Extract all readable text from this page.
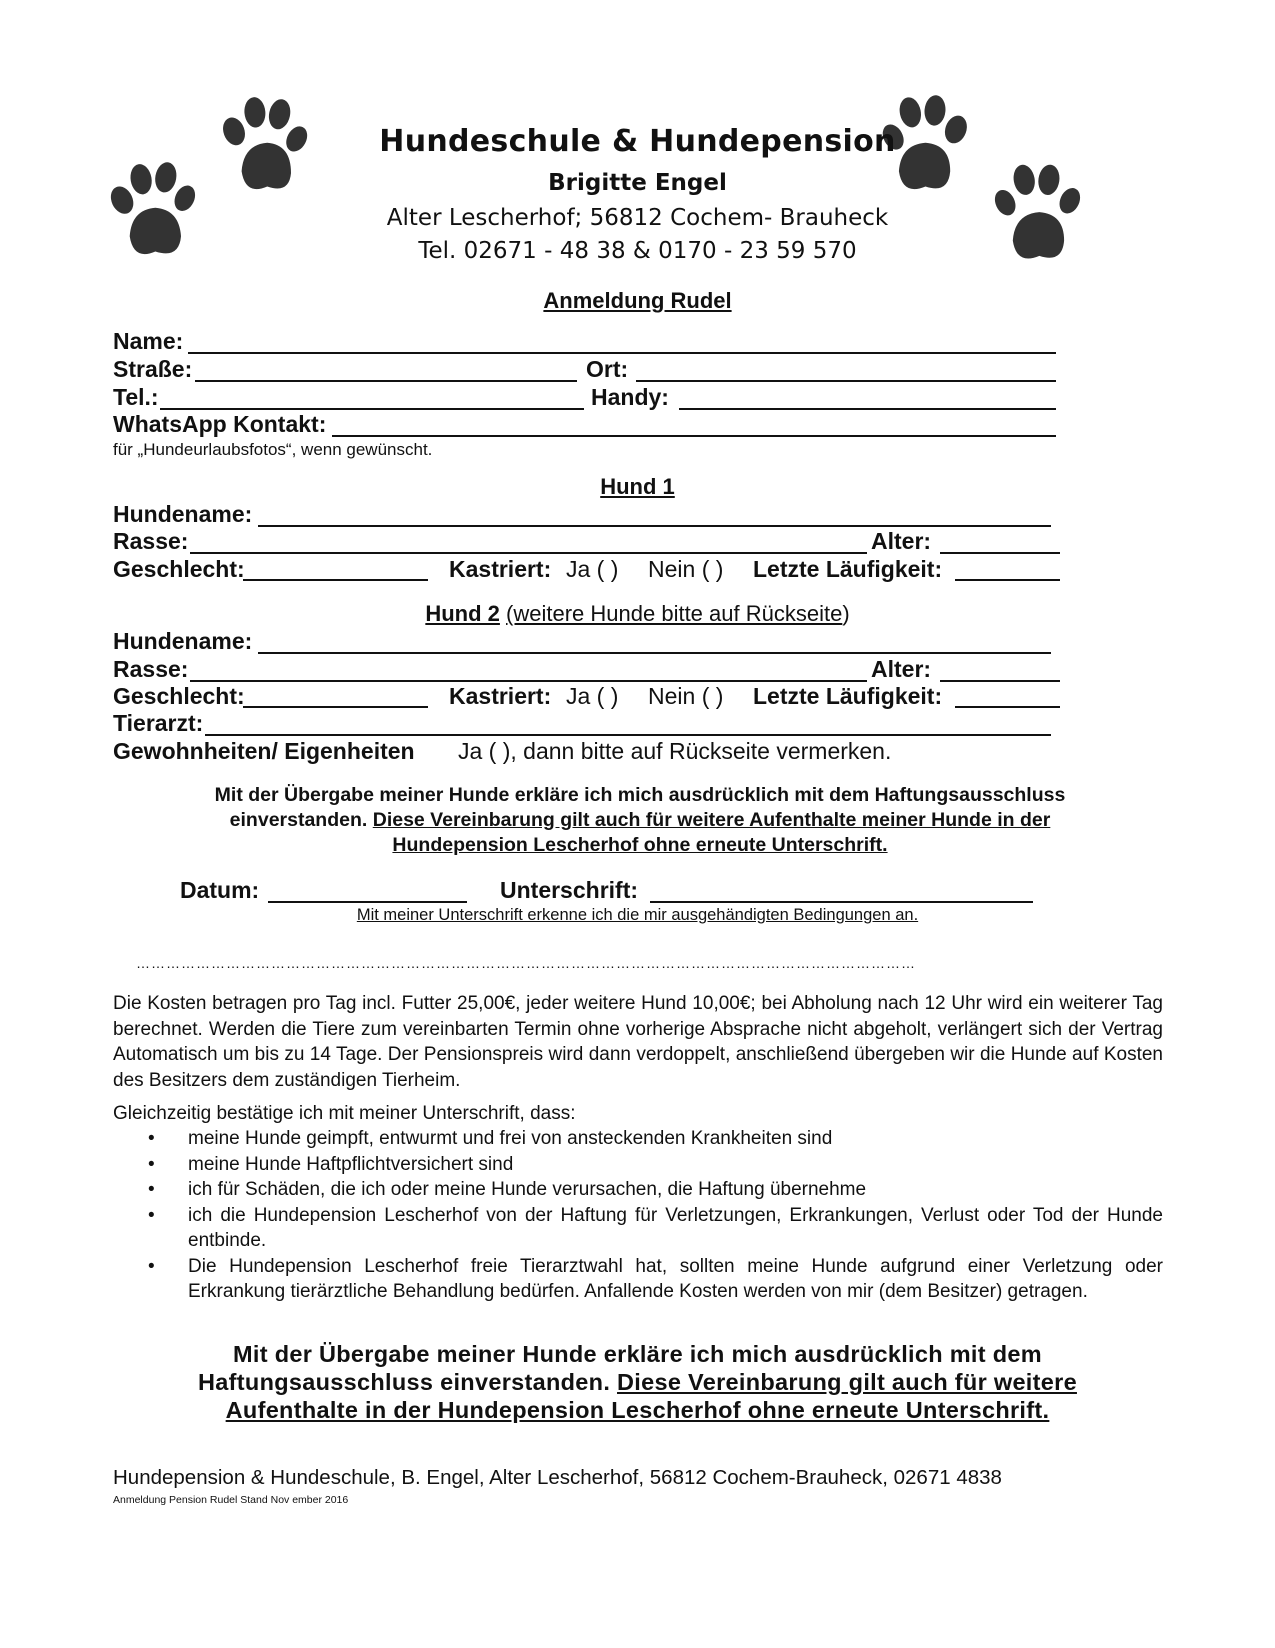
Hundeschule & Hundepension
Brigitte Engel
Alter Lescherhof; 56812 Cochem- Brauheck
Tel. 02671 - 48 38 & 0170 - 23 59 570
Anmeldung Rudel
Name:
Straße:	Ort:
Tel.:	Handy:
WhatsApp Kontakt:
für „Hundeurlaubsfotos“, wenn gewünscht.
Hund 1
Hundename:
Rasse:	Alter:
Geschlecht:	Kastriert: Ja ( ) Nein ( ) Letzte Läufigkeit:
Hund 2 (weitere Hunde bitte auf Rückseite)
Hundename:
Rasse:	Alter:
Geschlecht:	Kastriert: Ja ( ) Nein ( ) Letzte Läufigkeit:
Tierarzt:
Gewohnheiten/ Eigenheiten Ja ( ), dann bitte auf Rückseite vermerken.
Mit der Übergabe meiner Hunde erkläre ich mich ausdrücklich mit dem Haftungsausschluss
einverstanden. Diese Vereinbarung gilt auch für weitere Aufenthalte meiner Hunde in der
Hundepension Lescherhof ohne erneute Unterschrift.
Datum:	Unterschrift:
Mit meiner Unterschrift erkenne ich die mir ausgehändigten Bedingungen an.
…………………………………………………………………………………………………………………………………………
Die Kosten betragen pro Tag incl. Futter 25,00€, jeder weitere Hund 10,00€; bei Abholung nach 12 Uhr wird ein weiterer Tag berechnet. Werden die Tiere zum vereinbarten Termin ohne vorherige Absprache nicht abgeholt, verlängert sich der Vertrag Automatisch um bis zu 14 Tage. Der Pensionspreis wird dann verdoppelt, anschließend übergeben wir die Hunde auf Kosten des Besitzers dem zuständigen Tierheim.
Gleichzeitig bestätige ich mit meiner Unterschrift, dass:
• meine Hunde geimpft, entwurmt und frei von ansteckenden Krankheiten sind
• meine Hunde Haftpflichtversichert sind
• ich für Schäden, die ich oder meine Hunde verursachen, die Haftung übernehme
• ich die Hundepension Lescherhof von der Haftung für Verletzungen, Erkrankungen, Verlust oder Tod der Hunde entbinde.
• Die Hundepension Lescherhof freie Tierarztwahl hat, sollten meine Hunde aufgrund einer Verletzung oder Erkrankung tierärztliche Behandlung bedürfen. Anfallende Kosten werden von mir (dem Besitzer) getragen.
Mit der Übergabe meiner Hunde erkläre ich mich ausdrücklich mit dem
Haftungsausschluss einverstanden. Diese Vereinbarung gilt auch für weitere
Aufenthalte in der Hundepension Lescherhof ohne erneute Unterschrift.
Hundepension & Hundeschule, B. Engel, Alter Lescherhof, 56812 Cochem-Brauheck, 02671 4838
Anmeldung Pension Rudel Stand Nov ember 2016
